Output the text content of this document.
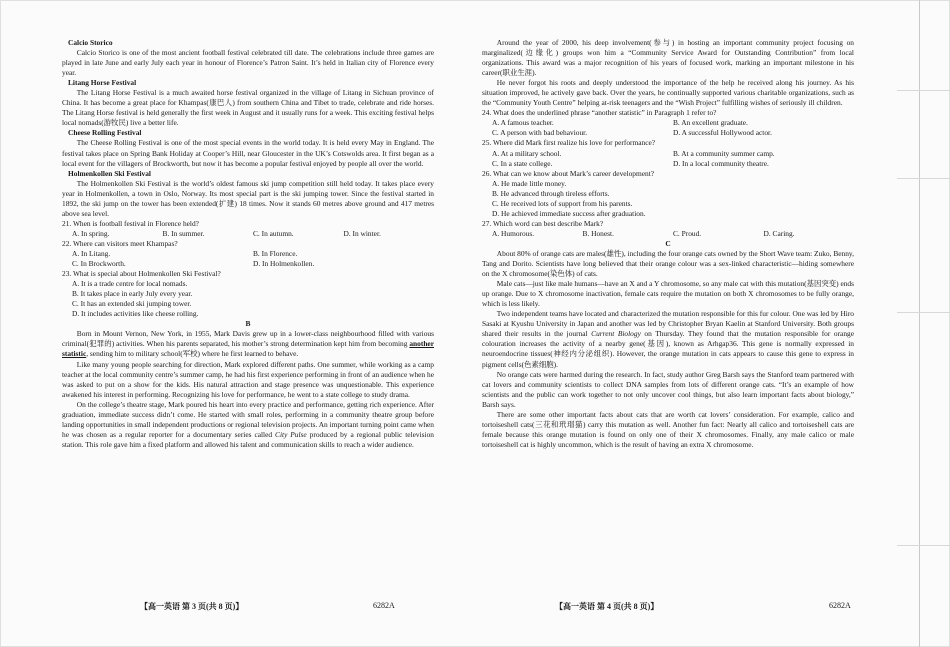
Calcio Storico

Calcio Storico is one of the most ancient football festival celebrated till date. The celebrations include three games are played in late June and early July each year in honour of Florence’s Patron Saint. It’s held in Italian city of Florence every year.

Litang Horse Festival

The Litang Horse Festival is a much awaited horse festival organized in the village of Litang in Sichuan province of China. It has become a great place for Khampas(康巴人) from southern China and Tibet to trade, celebrate and ride horses. The Litang Horse festival is held generally the first week in August and it usually runs for a week. This exciting festival helps local nomads(游牧民) live a better life.

Cheese Rolling Festival

The Cheese Rolling Festival is one of the most special events in the world today. It is held every May in England. The festival takes place on Spring Bank Holiday at Cooper’s Hill, near Gloucester in the UK’s Cotswolds area. It first began as a local event for the villagers of Brockworth, but now it has become a popular festival enjoyed by people all over the world.

Holmenkollen Ski Festival

The Holmenkollen Ski Festival is the world’s oldest famous ski jump competition still held today. It takes place every year in Holmenkollen, a town in Oslo, Norway. Its most special part is the ski jumping tower. Since the festival started in 1892, the ski jump on the tower has been extended(扩建) 18 times. Now it stands 60 metres above ground and 417 metres above sea level.

21. When is football festival in Florence held?
A. In spring.	B. In summer.	C. In autumn.	D. In winter.
22. Where can visitors meet Khampas?
A. In Litang.	B. In Florence.
C. In Brockworth.	D. In Holmenkollen.
23. What is special about Holmenkollen Ski Festival?
A. It is a trade centre for local nomads.
B. It takes place in early July every year.
C. It has an extended ski jumping tower.
D. It includes activities like cheese rolling.
B

Born in Mount Vernon, New York, in 1955, Mark Davis grew up in a lower-class neighbourhood filled with various criminal(犯罪的) activities. When his parents separated, his mother’s strong determination kept him from becoming another statistic, sending him to military school(军校) where he first learned to behave.

Like many young people searching for direction, Mark explored different paths. One summer, while working as a camp teacher at the local community centre’s summer camp, he had his first experience performing in front of an audience when he was asked to put on a show for the kids. His natural attraction and stage presence was unquestionable. This experience awakened his interest in performing. Recognizing his love for performance, he went to a state college to study drama.

On the college’s theatre stage, Mark poured his heart into every practice and performance, getting rich experience. After graduation, immediate success didn’t come. He started with small roles, performing in a community theatre group before landing opportunities in small independent productions or regional television projects. An important turning point came when he was chosen as a regular reporter for a documentary series called City Pulse produced by a regional public television station. This role gave him a fixed platform and allowed his talent and communication skills to reach a wider audience.

【高一英语 第 3 页(共 8 页)】	6282A

Around the year of 2000, his deep involvement(参与) in hosting an important community project focusing on marginalized(边缘化) groups won him a “Community Service Award for Outstanding Contribution” from local organizations. This award was a major recognition of his years of focused work, marking an important milestone in his career(职业生涯).

He never forgot his roots and deeply understood the importance of the help he received along his journey. As his situation improved, he actively gave back. Over the years, he continually supported various charitable organizations, such as the “Community Youth Centre” helping at-risk teenagers and the “Wish Project” fulfilling wishes of seriously ill children.

24. What does the underlined phrase “another statistic” in Paragraph 1 refer to?
A. A famous teacher.	B. An excellent graduate.
C. A person with bad behaviour.	D. A successful Hollywood actor.
25. Where did Mark first realize his love for performance?
A. At a military school.	B. At a community summer camp.
C. In a state college.	D. In a local community theatre.
26. What can we know about Mark’s career development?
A. He made little money.
B. He advanced through tireless efforts.
C. He received lots of support from his parents.
D. He achieved immediate success after graduation.
27. Which word can best describe Mark?
A. Humorous.	B. Honest.	C. Proud.	D. Caring.
C

About 80% of orange cats are males(雄性), including the four orange cats owned by the Short Wave team: Zuko, Benny, Tang and Dorito. Scientists have long believed that their orange colour was a sex-linked characteristic—hiding somewhere on the X chromosome(染色体) of cats.

Male cats—just like male humans—have an X and a Y chromosome, so any male cat with this mutation(基因突变) ends up orange. Due to X chromosome inactivation, female cats require the mutation on both X chromosomes to be fully orange, which is less likely.

Two independent teams have located and characterized the mutation responsible for this fur colour. One was led by Hiro Sasaki at Kyushu University in Japan and another was led by Christopher Bryan Kaelin at Stanford University. Both groups shared their results in the journal Current Biology on Thursday. They found that the mutation responsible for orange colouration increases the activity of a nearby gene(基因), known as Arhgap36. This gene is normally expressed in neuroendocrine tissues(神经内分泌组织). However, the orange mutation in cats appears to cause this gene to express in pigment cells(色素细胞).

No orange cats were harmed during the research. In fact, study author Greg Barsh says the Stanford team partnered with cat lovers and community scientists to collect DNA samples from lots of different orange cats. “It’s an example of how scientists and the public can work together to not only uncover cool things, but also learn important facts about biology,” Barsh says.

There are some other important facts about cats that are worth cat lovers’ consideration. For example, calico and tortoiseshell cats(三花和玳瑁猫) carry this mutation as well. Another fun fact: Nearly all calico and tortoiseshell cats are female because this orange mutation is found on only one of their X chromosomes. Finally, any male calico or male tortoiseshell cat is highly uncommon, which is the result of having an extra X chromosome.

【高一英语 第 4 页(共 8 页)】	6282A
